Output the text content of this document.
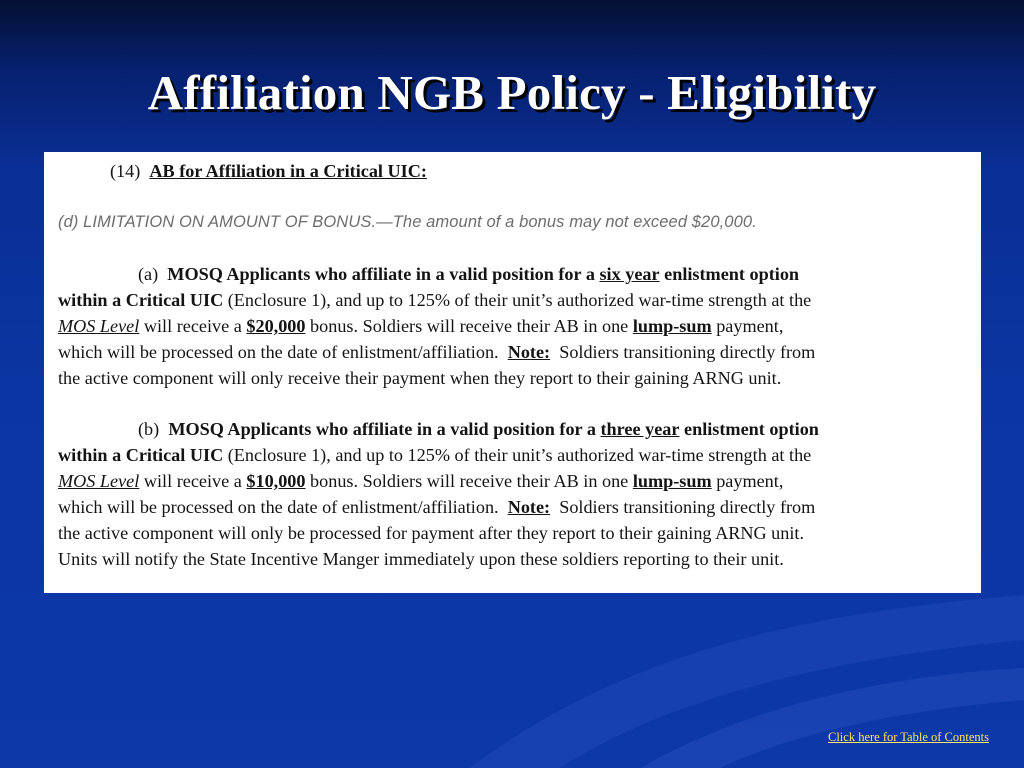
Affiliation NGB Policy - Eligibility
(14) AB for Affiliation in a Critical UIC:
(d) LIMITATION ON AMOUNT OF BONUS.—The amount of a bonus may not exceed $20,000.
(a) MOSQ Applicants who affiliate in a valid position for a six year enlistment option
within a Critical UIC (Enclosure 1), and up to 125% of their unit’s authorized war-time strength at the
MOS Level will receive a $20,000 bonus. Soldiers will receive their AB in one lump-sum payment,
which will be processed on the date of enlistment/affiliation. Note: Soldiers transitioning directly from
the active component will only receive their payment when they report to their gaining ARNG unit.
(b) MOSQ Applicants who affiliate in a valid position for a three year enlistment option
within a Critical UIC (Enclosure 1), and up to 125% of their unit’s authorized war-time strength at the
MOS Level will receive a $10,000 bonus. Soldiers will receive their AB in one lump-sum payment,
which will be processed on the date of enlistment/affiliation. Note: Soldiers transitioning directly from
the active component will only be processed for payment after they report to their gaining ARNG unit.
Units will notify the State Incentive Manger immediately upon these soldiers reporting to their unit.
Click here for Table of Contents
